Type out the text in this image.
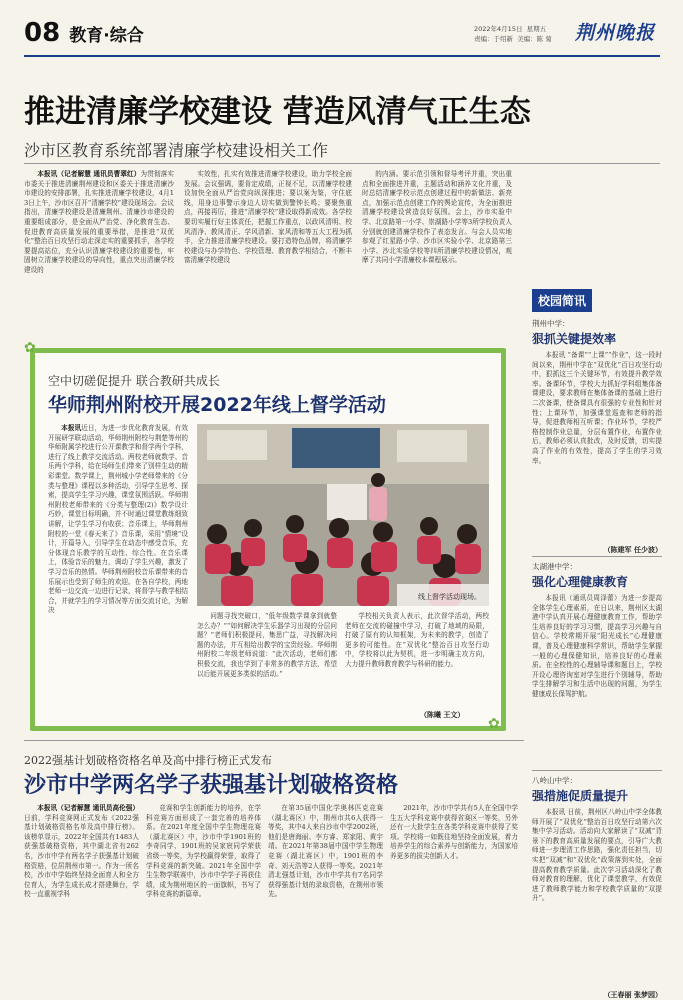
08 教育·综合	2022年4月15日 星期五
责编：于绍新 美编：陈 菊 荆州晚报
推进清廉学校建设 营造风清气正生态
沙市区教育系统部署清廉学校建设相关工作

本报讯（记者解慧 通讯员曹翠红）为贯彻落实市委关于推进清廉荆州建设和区委关于推进清廉沙市建设的安排部署，扎实推进清廉学校建设，4月13日上午，沙市区召开“清廉学校”建设现场会。会议指出，清廉学校建设是清廉荆州、清廉沙市建设的重要组成部分，是全面从严治党、净化教育生态、促进教育高质量发展的重要举措，是推进“双优化”整治百日攻坚行动走深走实的重要抓手，各学校要提高站位，充分认识清廉学校建设的重要性，牢固树立清廉学校建设的导向性，重点突出清廉学校建设的

实效性，扎实有效推进清廉学校建设，助力学校全面发展。会议强调，要肯定成绩，正视不足，以清廉学校建设加快全面从严治党向纵深推进；要以案为鉴，守住底线，用身边事警示身边人切实做到警钟长鸣；要聚焦重点，再接再厉，推进“清廉学校”建设取得新成效。各学校要切实履行好主体责任，把握工作重点，以政风清明、校风清净、教风清正、学风清新、家风清和等五大工程为抓手，全力推进清廉学校建设。要打造特色品牌，将清廉学校建设与办学特色、学校管理、教育教学相结合，不断丰富清廉学校建设

的内涵。要示范引领和督导考评并重，突出重点和全面推进并重，主题活动和涵养文化并重，及时总结清廉学校示范点创建过程中的新做法、新亮点，加强示范点创建工作的舆论宣传，为全面推进清廉学校建设营造良好氛围。会上，沙市实验中学、北京路第一小学、崇湖路小学等3所学校负责人分别就创建清廉学校作了表态发言。与会人员实地参观了红星路小学、沙市区实验小学、北京路第三小学、沙北实验学校等四所清廉学校建设情况，观摩了共同小学清廉校本课程展示。

✿
✿
空中切磋促提升 联合教研共成长
华师荆州附校开展2022年线上督学活动

本报讯近日，为进一步优化教育发展，有效开展研学联动活动，华师荆州附校与荆楚等州的华师附属学校进行公开课教学和督学两个学科，进行了线上教学交流活动。两校老师就数学、音乐两个学科，给在场师生们带来了别样生动的精彩课堂。数学课上，荆州城小学老师带来的《分类与整理》课程以多种活动，引导学生思考、探索，提高学生学习兴趣，课堂氛围活跃。华师荆州附校老师带来的《分类与整理(2)》数学设计巧妙，课堂目标明确，并不时通过课堂教练细致讲解，让学生学习有收获；音乐课上，华师荆州附校的一堂《春天来了》音乐课，采用“情境”设计，开篇导入，引导学生在动态中感受音乐，充分体现音乐教学的互动性、综合性。在音乐课上，体验音乐的魅力，调动了学生兴趣，激发了学习音乐的热情。华师荆州附校音乐课带来的音乐展示也受到了师生的欢迎。在各自学校，两地老师一边交流一边进行记录，将督学与教学相结合，并就学生的学习情况等方面交流讨论，为解决

线上督学活动现场。

问题寻找突破口，“低年级数学课拿到就整怎么办？”“如何解决学生乐器学习出现的分层问题？”老师们积极提问，集思广益，寻找解决问题的办法，并互相给出教学的宝贵经验。华师荆州附校二年级老师说道：“此次活动，老师们都积极交流，我也学到了非常多的教学方法，希望以后能开展更多类似的活动。”

学校相关负责人表示，此次督学活动，两校老师在交流的碰撞中学习，打破了地域的局限，打破了原有的认知框架，为未来的教学，创造了更多的可能性。在“双优化”整治百日攻坚行动中，学校将以此为契机，进一步明确主攻方向，大力提升教师教育教学与科研的能力。

（陈曦 王文）
校园简讯
荆州中学：
狠抓关键提效率

本报讯 “备课”“上课”“作业”，这一段时间以来，荆州中学在“双优化”百日攻坚行动中，狠抓这三个关键环节，有效提升教学效率。备课环节，学校大力抓好学科组集体备课建设，要求教师在集体备课的基础上进行二次备课，使备课具有很强的专业性和针对性；上课环节，加强课堂巡查和老师的指导，促进教师相互听课；作业环节，学校严格控制作业总量，分层布置作业，布置作业后，教师必须认真批改，及时反馈，切实提高了作业的有效性，提高了学生的学习效率。

（陈建军 任少波）
太湖港中学：
强化心理健康教育

本报讯（通讯员周泽蕾）为进一步提高全体学生心理素质，在日以来，荆州区太湖港中学认真开展心理健康教育工作，帮助学生培养良好的学习习惯，提高学习兴趣与自信心。学校常期开展“阳光成长”心理健康课，普及心理健康科学常识，帮助学生掌握一般的心理保健知识，培养良好的心理素质。在全校性的心理辅导课和题目上，学校开设心理咨询室对学生进行个别辅导，帮助学生排解学习和生活中出现的问题，为学生健康成长保驾护航。

八岭山中学：
强措施促质量提升

本报讯 日前，荆州区八岭山中学全体教师开展了“双优化”整治百日攻坚行动第六次集中学习活动。活动向大家解读了“双减”背景下的教育高质量发展的要点，引导广大教师进一步理清工作思路，强化责任担当，切实把“双减”和“双优化”政策落到实处，全面提高教育教学质量。此次学习活动深化了教师对教育的理解，优化了课堂教学，有效促进了教师教学能力和学校教学质量的“双提升”。

（王春丽 张梦园）
2022强基计划破格资格名单及高中排行榜正式发布
沙市中学两名学子获强基计划破格资格

本报讯（记者解慧 通讯员高伦强）日前，学科竞赛网正式发布《2022强基计划破格资格名单及高中排行榜》。该榜单显示，2022年全国共有1483人获强基破格资格，其中湖北省有262名，沙市中学有两名学子获强基计划破格资格，位居荆州市第一。作为一所名校，沙市中学始终坚持全面育人和全方位育人，为学生成长成才搭建舞台，学校一直重视学科

竞赛和学生创新能力的培养，在学科竞赛方面形成了一套完善的培养体系。在2021年度全国中学生物理竞赛（湖北赛区）中，沙市中学1901班的李奇同学、1901班的吴家宸同学荣获省级一等奖，为学校赢得荣誉，取得了学科竞赛的新突破。2021年全国中学生生物学联赛中，沙市中学学子再获佳绩，成为荆州地区的一面旗帜，书写了学科竞赛的新篇章。

在第35届中国化学奥林匹克竞赛（湖北赛区）中，荆州市共6人获得一等奖，其中4人来自沙市中学2002班，他们是唐海丽、李方睿、郑家阳、黄宇靖。在2021年第38届中国中学生物理竞赛（湖北赛区）中，1901班的李奇、刘天浩等2人获得一等奖。2021年清北强基计划，沙市中学共有7名同学获得强基计划的录取资格，在荆州市领先。

2021年，沙市中学共有5人在全国中学生五大学科竞赛中获得省赛区一等奖，另外还有一大批学生在各类学科竞赛中获得了奖项。学校将一如既往地坚持全面发展，着力培养学生的综合素养与创新能力，为国家培养更多的拔尖创新人才。
